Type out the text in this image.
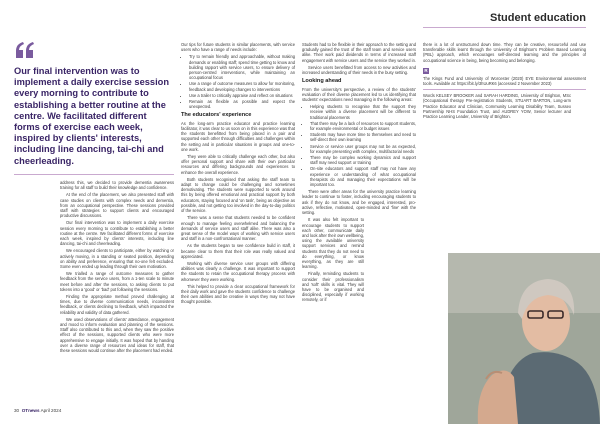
Student education
Our final intervention was to implement a daily exercise session every morning to contribute to establishing a better routine at the centre. We facilitated different forms of exercise each week, inspired by clients' interests, including line dancing, tai-chi and cheerleading.

address this, we decided to provide dementia awareness training for all staff to build their knowledge and confidence.

At the end of the placement, we also presented staff with case studies on clients with complex needs and dementia, from an occupational perspective. These sessions provided staff with strategies to support clients and encouraged productive discussions.

Our final intervention was to implement a daily exercise session every morning to contribute to establishing a better routine at the centre. We facilitated different forms of exercise each week, inspired by clients' interests, including line dancing, tai-chi and cheerleading.

We encouraged clients to participate, either by watching or actively moving, in a standing or seated position, depending on ability and preference, ensuring that no-one felt excluded. Some even ended up leading through their own motivation.

We trialled a range of outcome measures to gather feedback from the service users, from a 1-ten scale to minute meet before and after the sessions, to asking clients to put tokens into a 'good' or 'bad' pot following the sessions.

Finding the appropriate method proved challenging at times, due to diverse communication needs, inconsistent feedback, or clients declining to feedback, which impacted the reliability and validity of data gathered.

We used observations of clients' attendance, engagement and mood to inform evaluation and planning of the sessions. Staff also contributed to this and, when they saw the positive effect of the sessions, supported clients who were more apprehensive to engage initially. It was hoped that by handing over a diverse range of resources and ideas for staff, that these sessions would continue after the placement had ended.

Our tips for future students in similar placements, with service users who have a range of needs include:

• Try to remain friendly and approachable, without making demands or enabling staff; spend time getting to know and building rapport with service users, to ensure delivery of person-centred interventions, while maintaining an occupational focus
• Use a range of outcome measures to allow for monitoring, feedback and developing changes to interventions
• Use a trailer to critically appraise and reflect on situations
• Remain as flexible as possible and expect the unexpected.
The educators' experience

As the long-arm practice educator and practice learning facilitator, it was clear to us soon on in this experience was that the students benefitted from being placed in a pair and supported each other through difficulties and challenges within the setting and in particular situations in groups and one-to-one work.

They were able to critically challenge each other, but also offer personal support and share with their own particular resources and differing backgrounds and experiences to enhance the overall experience.

Both students recognised that asking the staff team to adapt to change could be challenging and sometimes demotivating. The students were supported to work around this by being offered emotional and practical support by both educators, staying focused and 'on task', being as objective as possible, and not getting too involved in the day-to-day politics of the service.

There was a sense that students needed to be confident enough to manage feeling overwhelmed and balancing the demands of service users and staff alike. There was also a great sense of the model ways of working with service users and staff in a non-confrontational manner.

As the students began to see confidence build in staff, it became clear to them that their role was really valued and appreciated.

Working with diverse service user groups with differing abilities was clearly a challenge. It was important to support the students to retain the occupational therapy process with whomever they were working.

This helped to provide a clear occupational framework for their daily work and gave the students confidence to challenge their own abilities and be creative in ways they may not have thought possible.

Students had to be flexible in their approach to the setting and gradually gained the trust of the staff team and service users alike. Their work paid dividends in terms of increased staff engagement with service users and the service they worked in.

Service users benefitted from access to new activities and increased understanding of their needs in the busy setting.

Looking ahead

From the university's perspective, a review of the students' evaluation of their diverse placement led to us identifying that students' expectations need managing in the following areas:

• Helping students to recognise that the support they receive within a diverse placement will be different to traditional placements
• That there may be a lack of resources to support students, for example environmental or budget issues
• Students may have more time to themselves and need to self-direct their own learning
• Service or service user groups may not be as expected, for example presenting with complex, multifactorial needs
• There may be complex working dynamics and support staff may need support or training
• On-site educators and support staff may not have any experience or understanding of what occupational therapists do and managing their expectations will be important too.

There were other areas for the university practice learning leader to continue to foster, including encouraging students to ask if they do not know, and be engaged, interested, pro-active, reflective, motivated, open-minded and 'fine' with the setting.

It was also felt important to encourage students to support each other, communicate daily and look after their own wellbeing, using the available university support services and remind students that they do not need to do everything, or know everything, as they are still learning.

Finally, reminding students to consider their professionalism and 'soft' skills is vital. They will have to be organised and disciplined, especially if working remotely, or if

there is a lot of unstructured down time. They can be creative, resourceful and use transferable skills learnt through the University of Brighton's Problem Based Learning (PBL) approach, which encourages self-directed learning and the principles of occupational science in being, being becoming and belonging.

R

The Kings Fund and University of Worcester (2020) EYE Environmental assessment tools. Available at: https://bit.ly/3hUuRK6 (accessed 2 November 2023)

Words KELSEY BROOKER and SARAH HARDING, University of Brighton, MSc (Occupational therapy Pre-registration Students, STUART BARTON, Long-arm Practice Educator and Clinician, Community Learning Disability Team, Sussex Partnership NHS Foundation Trust, and AUDREY YOW, Senior lecturer and Practice Learning Leader, University of Brighton.

30 OTnews April 2024
